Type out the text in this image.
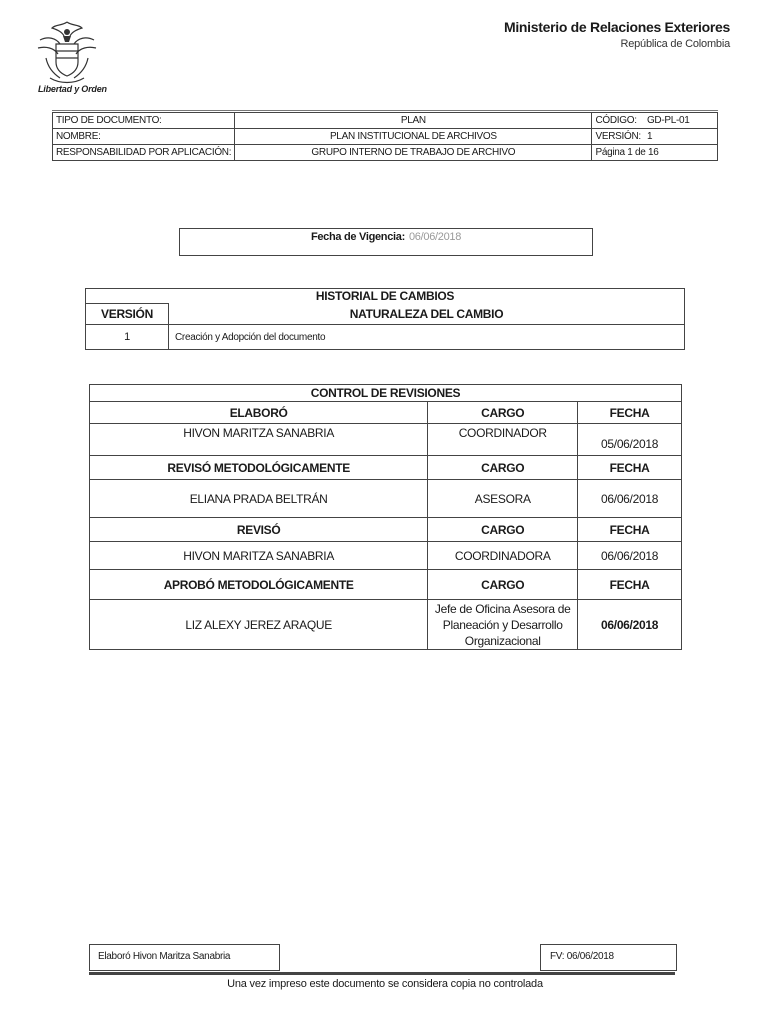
Libertad y Orden
Ministerio de Relaciones Exteriores
República de Colombia
TIPO DE DOCUMENTO:	PLAN	CÓDIGO:	GD-PL-01
NOMBRE:	PLAN INSTITUCIONAL DE ARCHIVOS	VERSIÓN:	1
RESPONSABILIDAD POR APLICACIÓN:	GRUPO INTERNO DE TRABAJO DE ARCHIVO	Página 1 de 16	
Fecha de Vigencia: 06/06/2018
HISTORIAL DE CAMBIOS	
VERSIÓN	NATURALEZA DEL CAMBIO
1	Creación y Adopción del documento
CONTROL DE REVISIONES		
ELABORÓ	CARGO	FECHA
HIVON MARITZA SANABRIA	COORDINADOR	05/06/2018
REVISÓ METODOLÓGICAMENTE	CARGO	FECHA
ELIANA PRADA BELTRÁN	ASESORA	06/06/2018
REVISÓ	CARGO	FECHA
HIVON MARITZA SANABRIA	COORDINADORA	06/06/2018
APROBÓ METODOLÓGICAMENTE	CARGO	FECHA
LIZ ALEXY JEREZ ARAQUE	Jefe de Oficina Asesora de Planeación y Desarrollo Organizacional	06/06/2018
Elaboró Hivon Maritza Sanabria	FV: 06/06/2018
Una vez impreso este documento se considera copia no controlada
